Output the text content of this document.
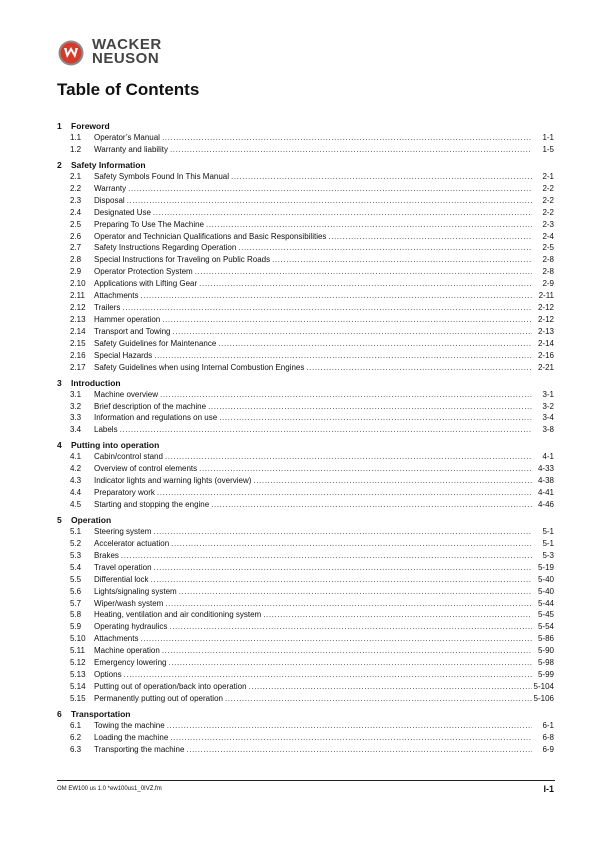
WACKER
NEUSON
Table of Contents
1	Foreword
1.1	Operator’s Manual .....	1-1
1.2	Warranty and liability .....	1-5
2	Safety Information
2.1	Safety Symbols Found In This Manual .....	2-1
2.2	Warranty .....	2-2
2.3	Disposal .....	2-2
2.4	Designated Use .....	2-2
2.5	Preparing To Use The Machine .....	2-3
2.6	Operator and Technician Qualifications and Basic Responsibilities .....	2-4
2.7	Safety Instructions Regarding Operation .....	2-5
2.8	Special Instructions for Traveling on Public Roads .....	2-8
2.9	Operator Protection System .....	2-8
2.10	Applications with Lifting Gear .....	2-9
2.11	Attachments .....	2-11
2.12	Trailers .....	2-12
2.13	Hammer operation .....	2-12
2.14	Transport and Towing .....	2-13
2.15	Safety Guidelines for Maintenance .....	2-14
2.16	Special Hazards .....	2-16
2.17	Safety Guidelines when using Internal Combustion Engines .....	2-21
3	Introduction
3.1	Machine overview .....	3-1
3.2	Brief description of the machine .....	3-2
3.3	Information and regulations on use .....	3-4
3.4	Labels .....	3-8
4	Putting into operation
4.1	Cabin/control stand .....	4-1
4.2	Overview of control elements .....	4-33
4.3	Indicator lights and warning lights (overview) .....	4-38
4.4	Preparatory work .....	4-41
4.5	Starting and stopping the engine .....	4-46
5	Operation
5.1	Steering system .....	5-1
5.2	Accelerator actuation .....	5-1
5.3	Brakes .....	5-3
5.4	Travel operation .....	5-19
5.5	Differential lock .....	5-40
5.6	Lights/signaling system .....	5-40
5.7	Wiper/wash system .....	5-44
5.8	Heating, ventilation and air conditioning system .....	5-45
5.9	Operating hydraulics .....	5-54
5.10	Attachments .....	5-86
5.11	Machine operation .....	5-90
5.12	Emergency lowering .....	5-98
5.13	Options .....	5-99
5.14	Putting out of operation/back into operation .....	5-104
5.15	Permanently putting out of operation .....	5-106
6	Transportation
6.1	Towing the machine .....	6-1
6.2	Loading the machine .....	6-8
6.3	Transporting the machine .....	6-9
OM EW100 us 1.0 *ew100us1_0IVZ.fm	I-1
